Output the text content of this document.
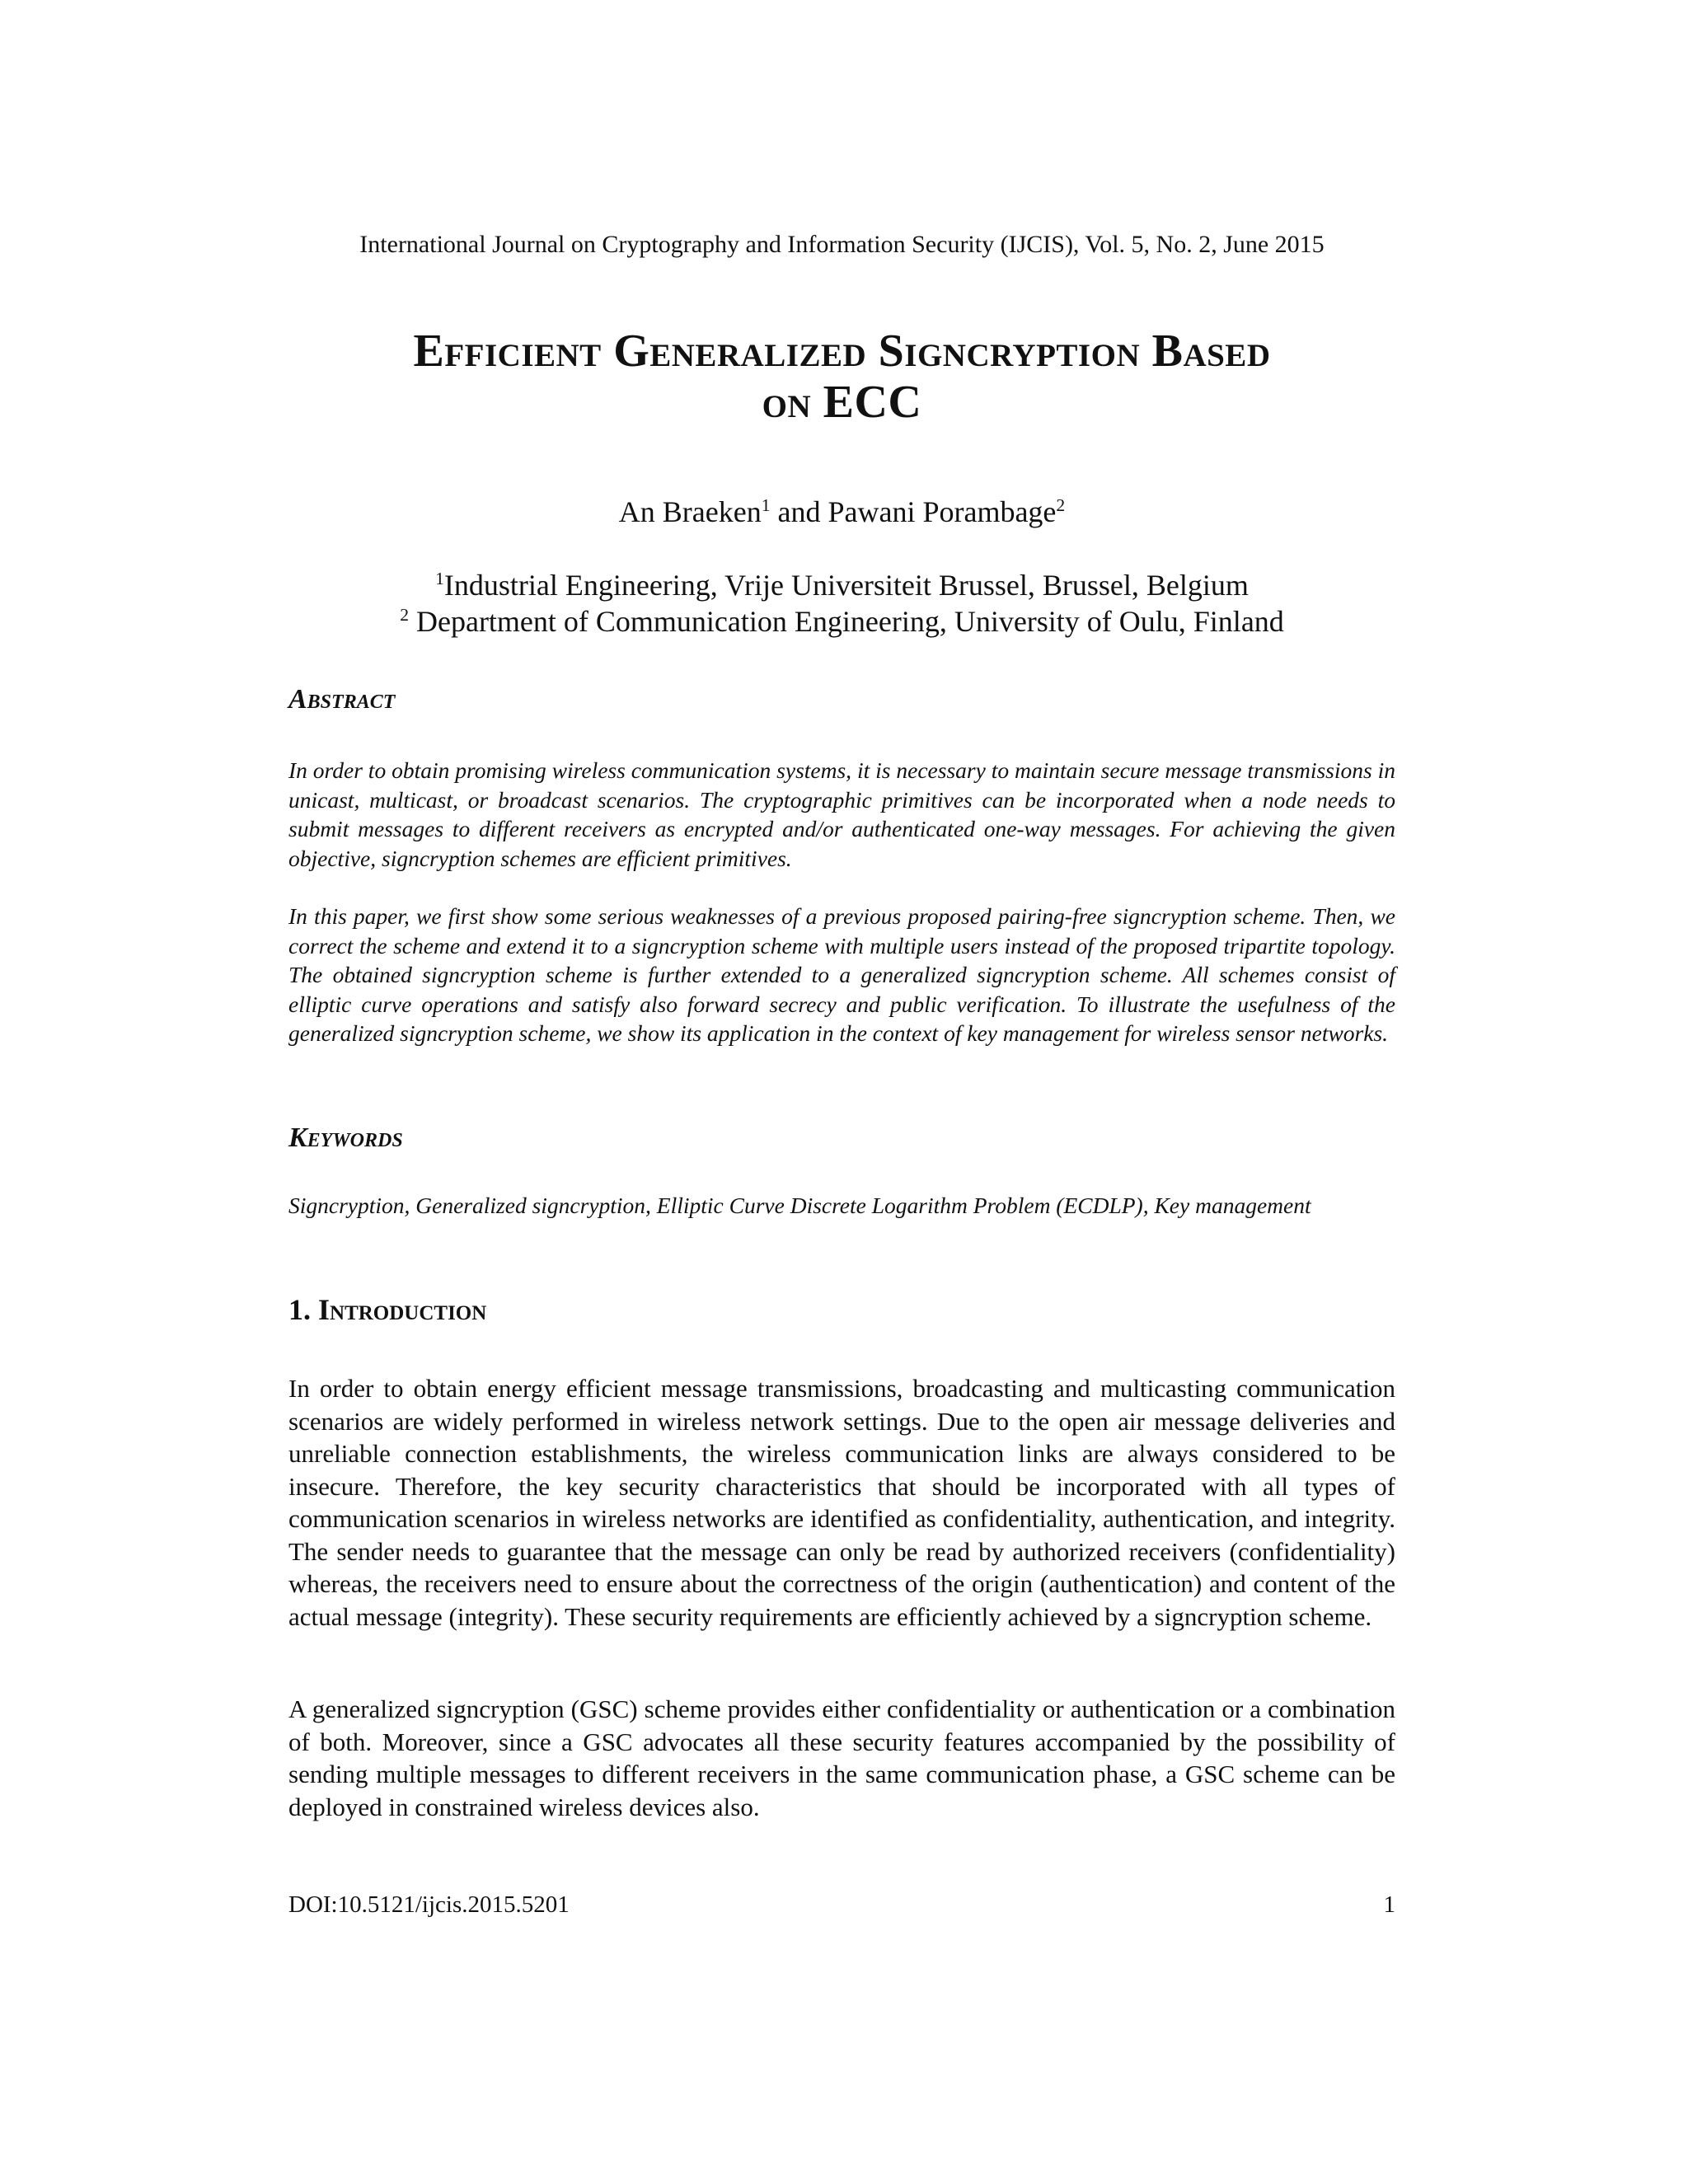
International Journal on Cryptography and Information Security (IJCIS), Vol. 5, No. 2, June 2015
Efficient Generalized Signcryption Based
on ECC
An Braeken$^1$ and Pawani Porambage$^2$
$^1$Industrial Engineering, Vrije Universiteit Brussel, Brussel, Belgium
$^2$ Department of Communication Engineering, University of Oulu, Finland
Abstract

In order to obtain promising wireless communication systems, it is necessary to maintain secure message transmissions in unicast, multicast, or broadcast scenarios. The cryptographic primitives can be incorporated when a node needs to submit messages to different receivers as encrypted and/or authenticated one-way messages. For achieving the given objective, signcryption schemes are efficient primitives.

In this paper, we first show some serious weaknesses of a previous proposed pairing-free signcryption scheme. Then, we correct the scheme and extend it to a signcryption scheme with multiple users instead of the proposed tripartite topology. The obtained signcryption scheme is further extended to a generalized signcryption scheme. All schemes consist of elliptic curve operations and satisfy also forward secrecy and public verification. To illustrate the usefulness of the generalized signcryption scheme, we show its application in the context of key management for wireless sensor networks.

Keywords

Signcryption, Generalized signcryption, Elliptic Curve Discrete Logarithm Problem (ECDLP), Key management

1. Introduction

In order to obtain energy efficient message transmissions, broadcasting and multicasting communication scenarios are widely performed in wireless network settings. Due to the open air message deliveries and unreliable connection establishments, the wireless communication links are always considered to be insecure. Therefore, the key security characteristics that should be incorporated with all types of communication scenarios in wireless networks are identified as confidentiality, authentication, and integrity. The sender needs to guarantee that the message can only be read by authorized receivers (confidentiality) whereas, the receivers need to ensure about the correctness of the origin (authentication) and content of the actual message (integrity). These security requirements are efficiently achieved by a signcryption scheme.

A generalized signcryption (GSC) scheme provides either confidentiality or authentication or a combination of both. Moreover, since a GSC advocates all these security features accompanied by the possibility of sending multiple messages to different receivers in the same communication phase, a GSC scheme can be deployed in constrained wireless devices also.

DOI:10.5121/ijcis.2015.5201	1
